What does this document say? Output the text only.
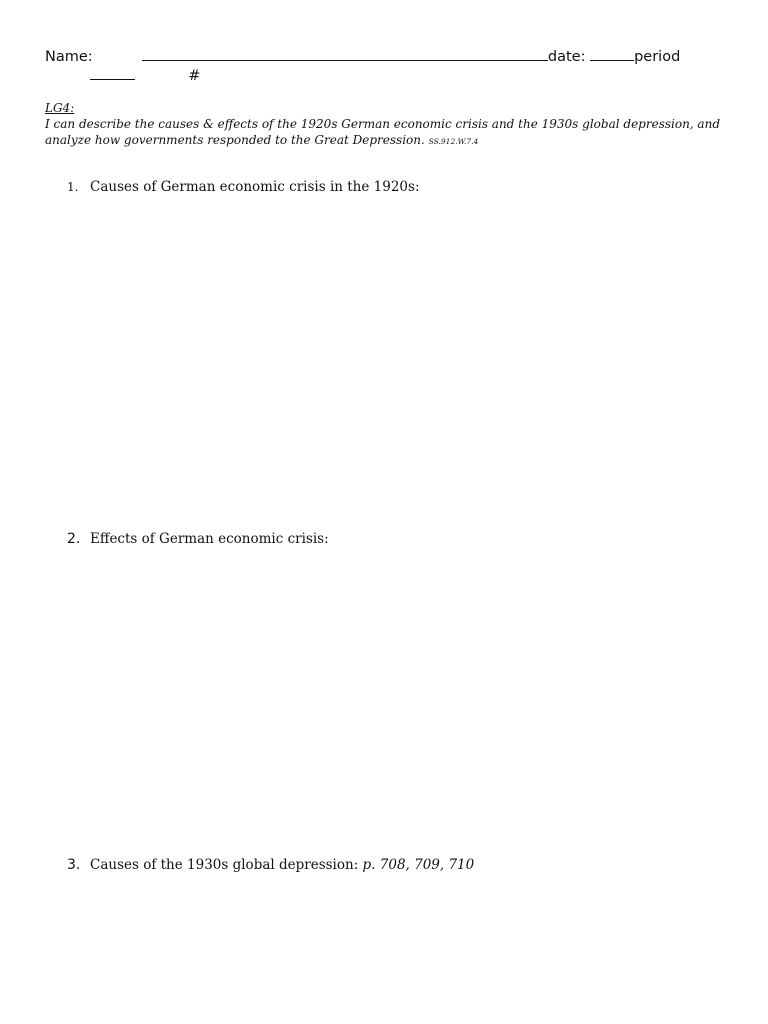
Name:	date:	period
#
LG4:
I can describe the causes & effects of the 1920s German economic crisis and the 1930s global depression, and analyze how governments responded to the Great Depression. SS.912.W.7.4
1. Causes of German economic crisis in the 1920s:
2. Effects of German economic crisis:
3. Causes of the 1930s global depression: p. 708, 709, 710
